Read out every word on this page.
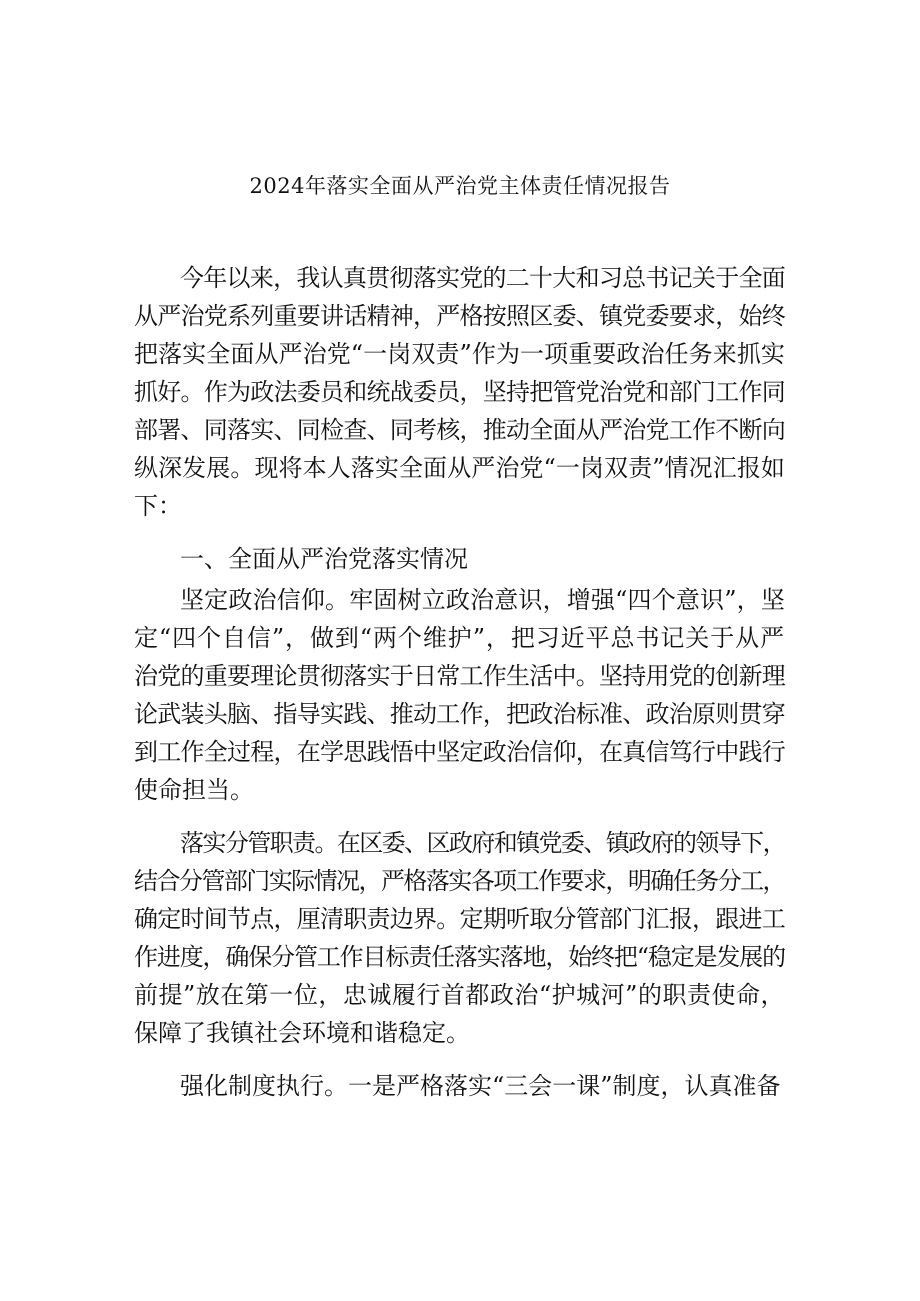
2024年落实全面从严治党主体责任情况报告
今年以来，我认真贯彻落实党的二十大和习总书记关于全面
从严治党系列重要讲话精神，严格按照区委、镇党委要求，始终
把落实全面从严治党“一岗双责”作为一项重要政治任务来抓实
抓好。作为政法委员和统战委员，坚持把管党治党和部门工作同
部署、同落实、同检查、同考核，推动全面从严治党工作不断向
纵深发展。现将本人落实全面从严治党“一岗双责”情况汇报如
下：
一、全面从严治党落实情况
坚定政治信仰。牢固树立政治意识，增强“四个意识”，坚
定“四个自信”，做到“两个维护”，把习近平总书记关于从严
治党的重要理论贯彻落实于日常工作生活中。坚持用党的创新理
论武装头脑、指导实践、推动工作，把政治标准、政治原则贯穿
到工作全过程，在学思践悟中坚定政治信仰，在真信笃行中践行
使命担当。
落实分管职责。在区委、区政府和镇党委、镇政府的领导下，
结合分管部门实际情况，严格落实各项工作要求，明确任务分工，
确定时间节点，厘清职责边界。定期听取分管部门汇报，跟进工
作进度，确保分管工作目标责任落实落地，始终把“稳定是发展的
前提”放在第一位，忠诚履行首都政治“护城河”的职责使命，
保障了我镇社会环境和谐稳定。
强化制度执行。一是严格落实“三会一课”制度，认真准备
